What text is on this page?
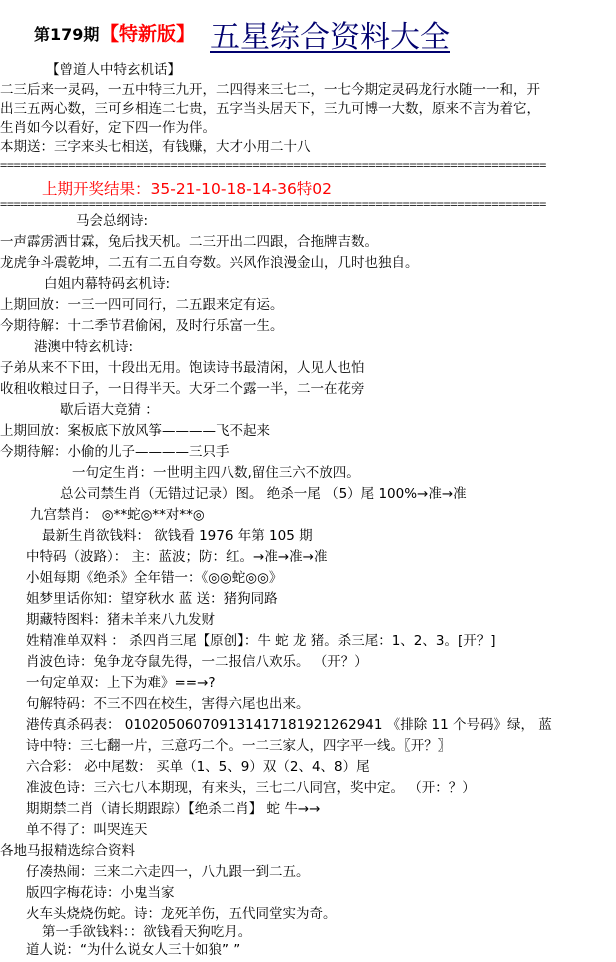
第179期 【特新版】 五星综合资料大全
【曾道人中特玄机话】
二三后来一灵码，一五中特三九开，二四得来三七二，一七今期定灵码龙行水随一一和，开
出三五两心数，三可乡相连二七贵，五字当头居天下，三九可博一大数，原来不言为着它，
生肖如今以看好，定下四一作为伴。
本期送：三字来头七相送，有钱赚，大才小用二十八
================================================================================
上期开奖结果：35-21-10-18-14-36特02
================================================================================
马会总纲诗:
一声霹雳洒甘霖，兔后找天机。二三开出二四跟，合拖牌吉数。
龙虎争斗震乾坤，二五有二五自夸数。兴风作浪漫金山，几时也独自。
白姐内幕特码玄机诗:
上期回放：一三一四可同行，二五跟来定有运。
今期待解：十二季节君偷闲，及时行乐富一生。
港澳中特玄机诗:
子弟从来不下田，十段出无用。饱读诗书最清闲，人见人也怕
收租收粮过日子，一日得半天。大牙二个露一半，二一在花旁
歇后语大竞猜 ：
上期回放：案板底下放风筝————飞不起来
今期待解：小偷的儿子————三只手
一句定生肖：一世明主四八数,留住三六不放四。
总公司禁生肖（无错过记录）图。 绝杀一尾 （5）尾 100%→准→准
九宫禁肖： ◎**蛇◎**对**◎
最新生肖欲钱料： 欲钱看 1976 年第 105 期
中特码（波路）： 主：蓝波；防：红。→准→准→准
小姐每期《绝杀》全年错一：《◎◎蛇◎◎》
姐梦里话你知：望穿秋水 蓝 送：猪狗同路
期藏特图料：猪未羊来八九发财
姓精准单双料 ： 杀四肖三尾【原创】：牛 蛇 龙 猪。杀三尾：1、2、3。[开？]
肖波色诗：兔争龙夺鼠先得，一二报信八欢乐。 （开？）
一句定单双：上下为难》==→?
句解特码：不三不四在校生，害得六尾也出来。
港传真杀码表： 010205060709131417181921262941 《排除 11 个号码》绿， 蓝
诗中特：三七翻一片，三意巧二个。一二三家人，四字平一线。〖开？〗
六合彩： 必中尾数： 买单（1、5、9）双（2、4、8）尾
准波色诗：三六七八本期现，有来头，三七二八同宫，奖中定。 （开：？）
期期禁二肖（请长期跟踪）【绝杀二肖】 蛇 牛→→
单不得了：叫哭连天
各地马报精选综合资料
仔凑热闹：三来二六走四一，八九跟一到二五。
版四字梅花诗：小鬼当家
火车头烧烧伤蛇。诗：龙死羊伤，五代同堂实为奇。
第一手欲钱料：：欲钱看天狗吃月。
道人说：“为什么说女人三十如狼” ”
